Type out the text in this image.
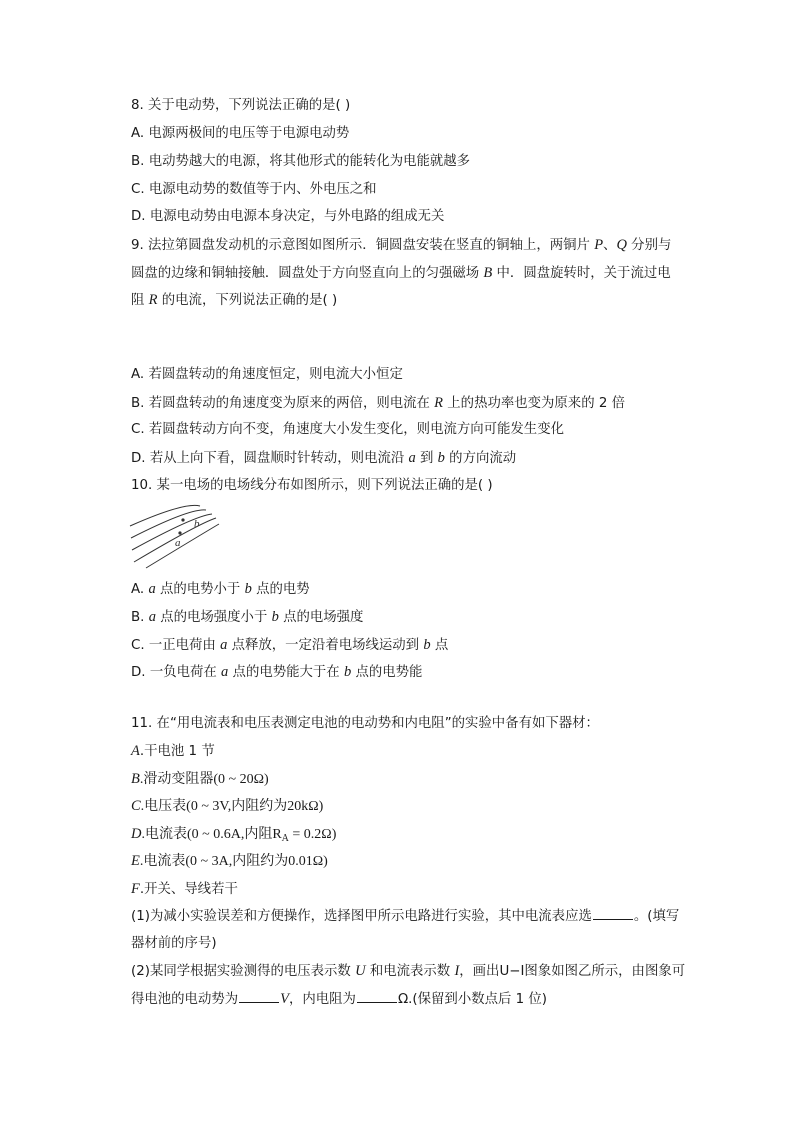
8. 关于电动势，下列说法正确的是( )
A. 电源两极间的电压等于电源电动势
B. 电动势越大的电源，将其他形式的能转化为电能就越多
C. 电源电动势的数值等于内、外电压之和
D. 电源电动势由电源本身决定，与外电路的组成无关
9. 法拉第圆盘发动机的示意图如图所示．铜圆盘安装在竖直的铜轴上，两铜片 P、Q 分别与
圆盘的边缘和铜轴接触．圆盘处于方向竖直向上的匀强磁场 B 中．圆盘旋转时，关于流过电
阻 R 的电流，下列说法正确的是( )
A. 若圆盘转动的角速度恒定，则电流大小恒定
B. 若圆盘转动的角速度变为原来的两倍，则电流在 R 上的热功率也变为原来的 2 倍
C. 若圆盘转动方向不变，角速度大小发生变化，则电流方向可能发生变化
D. 若从上向下看，圆盘顺时针转动，则电流沿 a 到 b 的方向流动
10. 某一电场的电场线分布如图所示，则下列说法正确的是( )
b
a
A. a 点的电势小于 b 点的电势
B. a 点的电场强度小于 b 点的电场强度
C. 一正电荷由 a 点释放，一定沿着电场线运动到 b 点
D. 一负电荷在 a 点的电势能大于在 b 点的电势能
11. 在“用电流表和电压表测定电池的电动势和内电阻”的实验中备有如下器材：
A.干电池 1 节
B.滑动变阻器(0 ~ 20Ω)
C.电压表(0 ~ 3V,内阻约为20kΩ)
D.电流表(0 ~ 0.6A,内阻$R_A = 0.2\Omega$)
E.电流表(0 ~ 3A,内阻约为0.01Ω)
F.开关、导线若干
(1)为减小实验误差和方便操作，选择图甲所示电路进行实验，其中电流表应选	。(填写
器材前的序号)
(2)某同学根据实验测得的电压表示数 U 和电流表示数 I，画出U−I图象如图乙所示，由图象可
得电池的电动势为	V，内电阻为	Ω.(保留到小数点后 1 位)
